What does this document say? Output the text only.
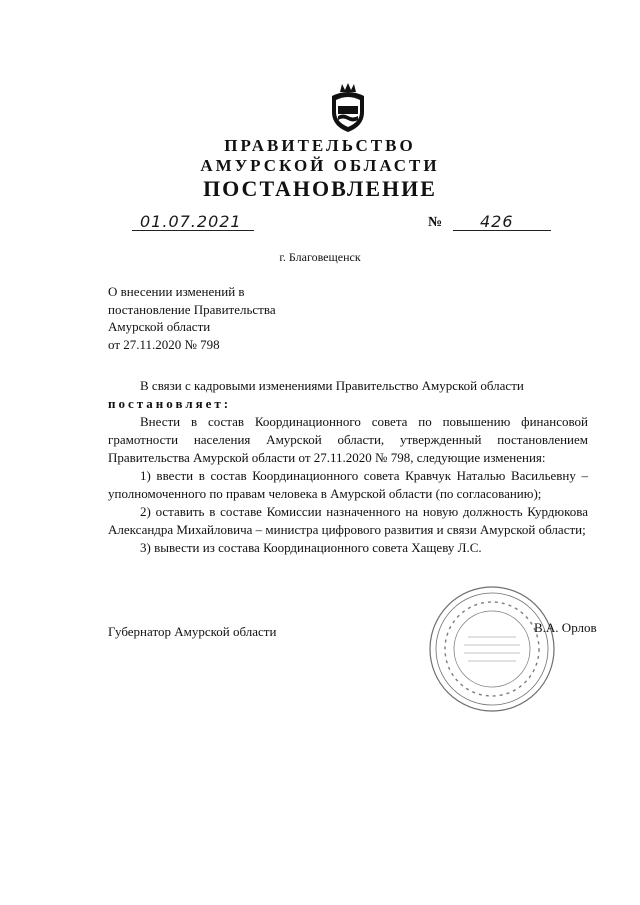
ПРАВИТЕЛЬСТВО
АМУРСКОЙ ОБЛАСТИ
ПОСТАНОВЛЕНИЕ
01.07.2021	№ 426
г. Благовещенск
О внесении изменений в
постановление Правительства
Амурской области
от 27.11.2020 № 798
В связи с кадровыми изменениями Правительство Амурской области
постановляет:
Внести в состав Координационного совета по повышению финансовой грамотности населения Амурской области, утвержденный постановлением Правительства Амурской области от 27.11.2020 № 798, следующие изменения:
1) ввести в состав Координационного совета Кравчук Наталью Васильевну – уполномоченного по правам человека в Амурской области (по согласованию);
2) оставить в составе Комиссии назначенного на новую должность Курдюкова Александра Михайловича – министра цифрового развития и связи Амурской области;
3) вывести из состава Координационного совета Хащеву Л.С.
Губернатор Амурской области	В.А. Орлов
